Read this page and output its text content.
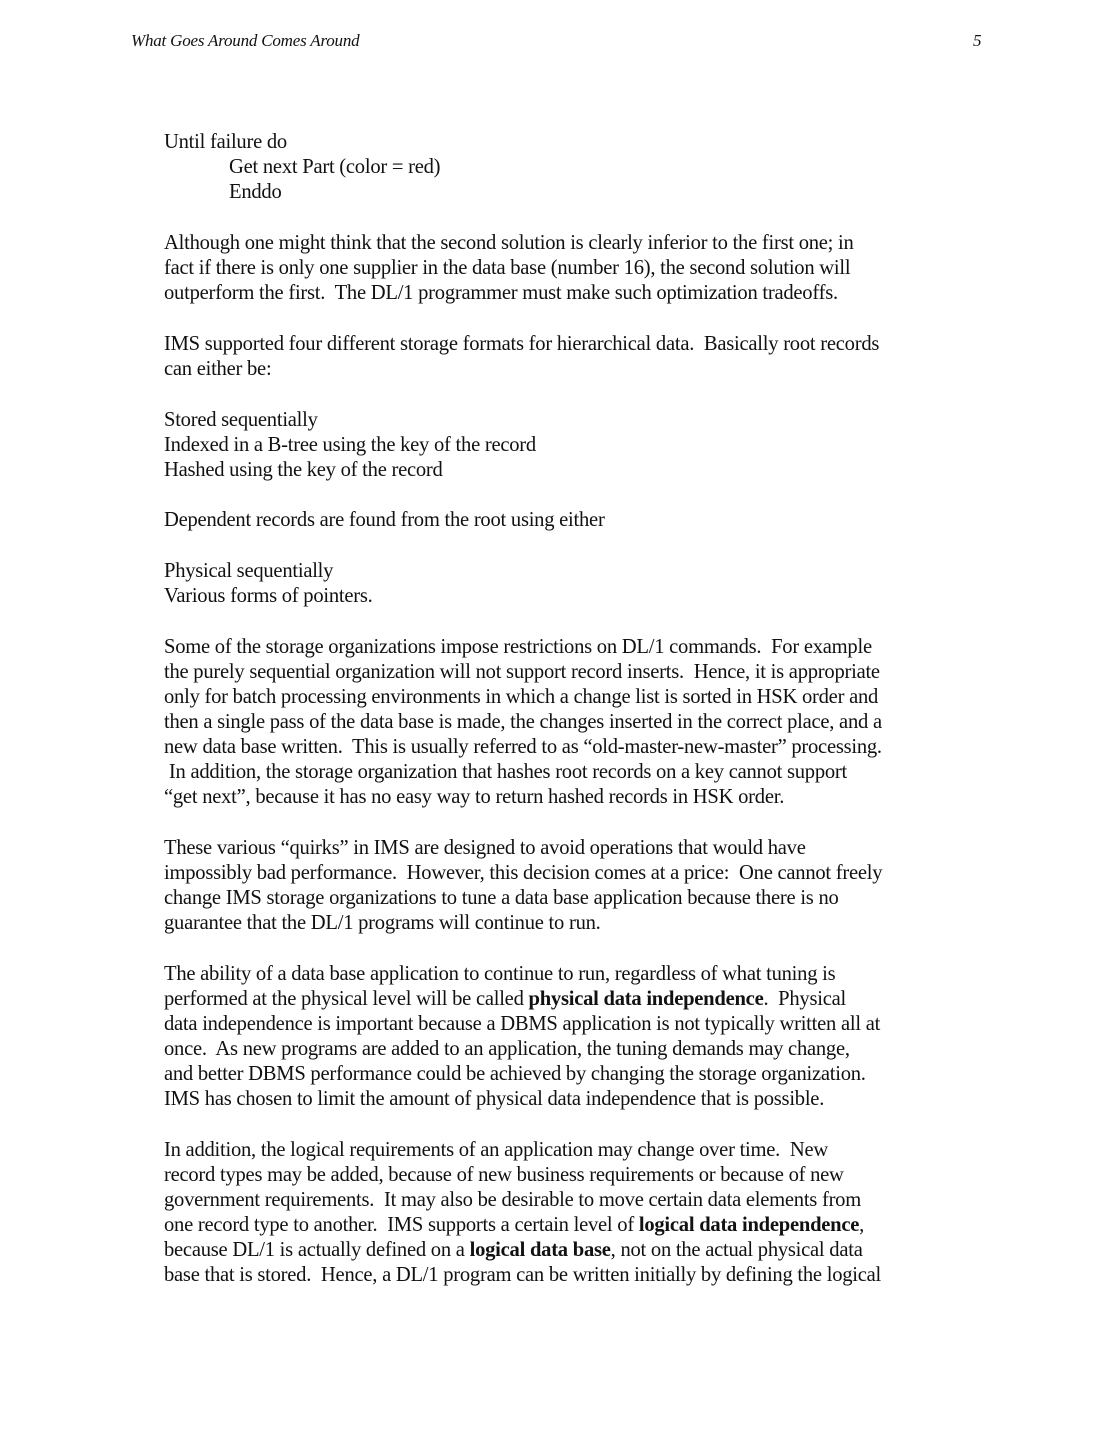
What Goes Around Comes Around	5
Until failure do
Get next Part (color = red)
Enddo
Although one might think that the second solution is clearly inferior to the first one; in
fact if there is only one supplier in the data base (number 16), the second solution will
outperform the first.  The DL/1 programmer must make such optimization tradeoffs.
IMS supported four different storage formats for hierarchical data.  Basically root records
can either be:
Stored sequentially
Indexed in a B-tree using the key of the record
Hashed using the key of the record
Dependent records are found from the root using either
Physical sequentially
Various forms of pointers.
Some of the storage organizations impose restrictions on DL/1 commands.  For example
the purely sequential organization will not support record inserts.  Hence, it is appropriate
only for batch processing environments in which a change list is sorted in HSK order and
then a single pass of the data base is made, the changes inserted in the correct place, and a
new data base written.  This is usually referred to as “old-master-new-master” processing.
In addition, the storage organization that hashes root records on a key cannot support
“get next”, because it has no easy way to return hashed records in HSK order.
These various “quirks” in IMS are designed to avoid operations that would have
impossibly bad performance.  However, this decision comes at a price:  One cannot freely
change IMS storage organizations to tune a data base application because there is no
guarantee that the DL/1 programs will continue to run.
The ability of a data base application to continue to run, regardless of what tuning is
performed at the physical level will be called physical data independence.  Physical
data independence is important because a DBMS application is not typically written all at
once.  As new programs are added to an application, the tuning demands may change,
and better DBMS performance could be achieved by changing the storage organization.
IMS has chosen to limit the amount of physical data independence that is possible.
In addition, the logical requirements of an application may change over time.  New
record types may be added, because of new business requirements or because of new
government requirements.  It may also be desirable to move certain data elements from
one record type to another.  IMS supports a certain level of logical data independence,
because DL/1 is actually defined on a logical data base, not on the actual physical data
base that is stored.  Hence, a DL/1 program can be written initially by defining the logical
